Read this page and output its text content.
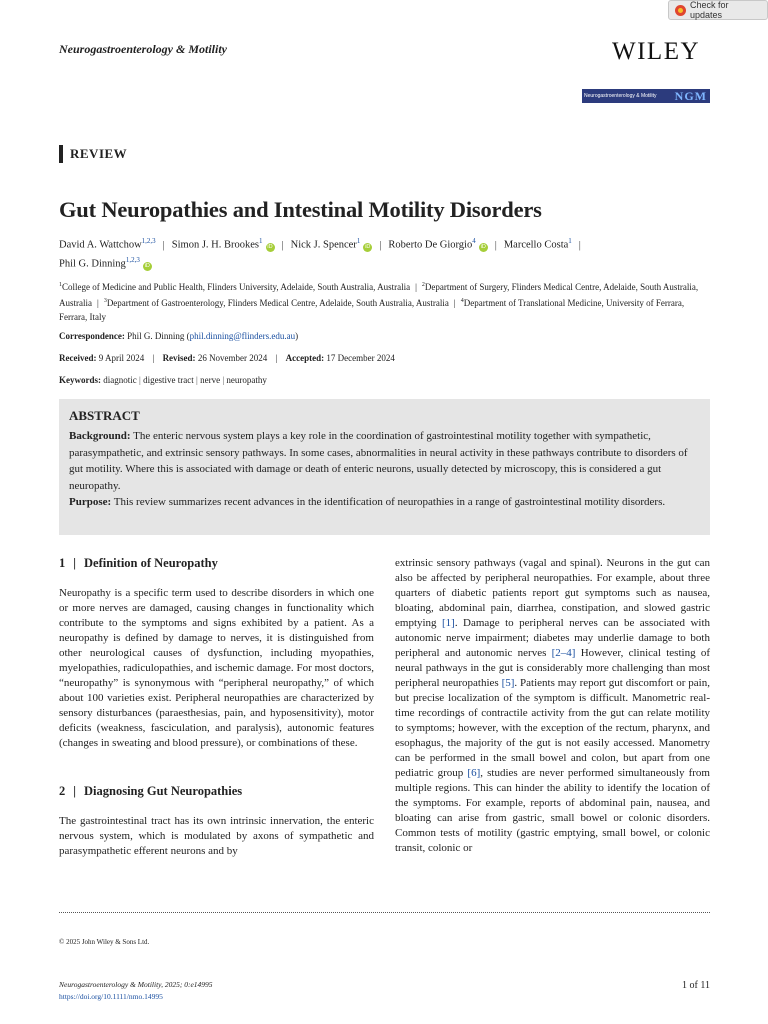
Check for updates
Neurogastroenterology & Motility	WILEY
Neurogastroenterology & Motility NGM
REVIEW
Gut Neuropathies and Intestinal Motility Disorders
David A. Wattchow$^{1,2,3}$ | Simon J. H. Brookes$^1$iD | Nick J. Spencer$^1$iD | Roberto De Giorgio$^4$iD | Marcello Costa$^1$ |
Phil G. Dinning$^{1,2,3}$iD
$^1$College of Medicine and Public Health, Flinders University, Adelaide, South Australia, Australia | $^2$Department of Surgery, Flinders Medical Centre, Adelaide, South Australia, Australia | $^3$Department of Gastroenterology, Flinders Medical Centre, Adelaide, South Australia, Australia | $^4$Department of Translational Medicine, University of Ferrara, Ferrara, Italy
Correspondence: Phil G. Dinning (phil.dinning@flinders.edu.au)
Received: 9 April 2024 | Revised: 26 November 2024 | Accepted: 17 December 2024
Keywords: diagnotic | digestive tract | nerve | neuropathy
ABSTRACT

Background: The enteric nervous system plays a key role in the coordination of gastrointestinal motility together with sympathetic, parasympathetic, and extrinsic sensory pathways. In some cases, abnormalities in neural activity in these pathways contribute to disorders of gut motility. Where this is associated with damage or death of enteric neurons, usually detected by microscopy, this is considered a gut neuropathy.

Purpose: This review summarizes recent advances in the identification of neuropathies in a range of gastrointestinal motility disorders.

1 | Definition of Neuropathy

Neuropathy is a specific term used to describe disorders in which one or more nerves are damaged, causing changes in functionality which contribute to the symptoms and signs exhibited by a patient. As a neuropathy is defined by damage to nerves, it is distinguished from other neurological causes of dysfunction, including myopathies, myelopathies, radiculopathies, and ischemic damage. For most doctors, “neuropathy” is synonymous with “peripheral neuropathy,” of which about 100 varieties exist. Peripheral neuropathies are characterized by sensory disturbances (paraesthesias, pain, and hyposensitivity), motor deficits (weakness, fasciculation, and paralysis), autonomic features (changes in sweating and blood pressure), or combinations of these.

2 | Diagnosing Gut Neuropathies

The gastrointestinal tract has its own intrinsic innervation, the enteric nervous system, which is modulated by axons of sympathetic and parasympathetic efferent neurons and by

extrinsic sensory pathways (vagal and spinal). Neurons in the gut can also be affected by peripheral neuropathies. For example, about three quarters of diabetic patients report gut symptoms such as nausea, bloating, abdominal pain, diarrhea, constipation, and slowed gastric emptying [1]. Damage to peripheral nerves can be associated with autonomic nerve impairment; diabetes may underlie damage to both peripheral and autonomic nerves [2–4] However, clinical testing of neural pathways in the gut is considerably more challenging than most peripheral neuropathies [5]. Patients may report gut discomfort or pain, but precise localization of the symptom is difficult. Manometric real-time recordings of contractile activity from the gut can relate motility to symptoms; however, with the exception of the rectum, pharynx, and esophagus, the majority of the gut is not easily accessed. Manometry can be performed in the small bowel and colon, but apart from one pediatric group [6], studies are never performed simultaneously from multiple regions. This can hinder the ability to identify the location of the symptoms. For example, reports of abdominal pain, nausea, and bloating can arise from gastric, small bowel or colonic disorders. Common tests of motility (gastric emptying, small bowel, or colonic transit, colonic or

© 2025 John Wiley & Sons Ltd.
Neurogastroenterology & Motility, 2025; 0:e14995
https://doi.org/10.1111/nmo.14995
1 of 11
